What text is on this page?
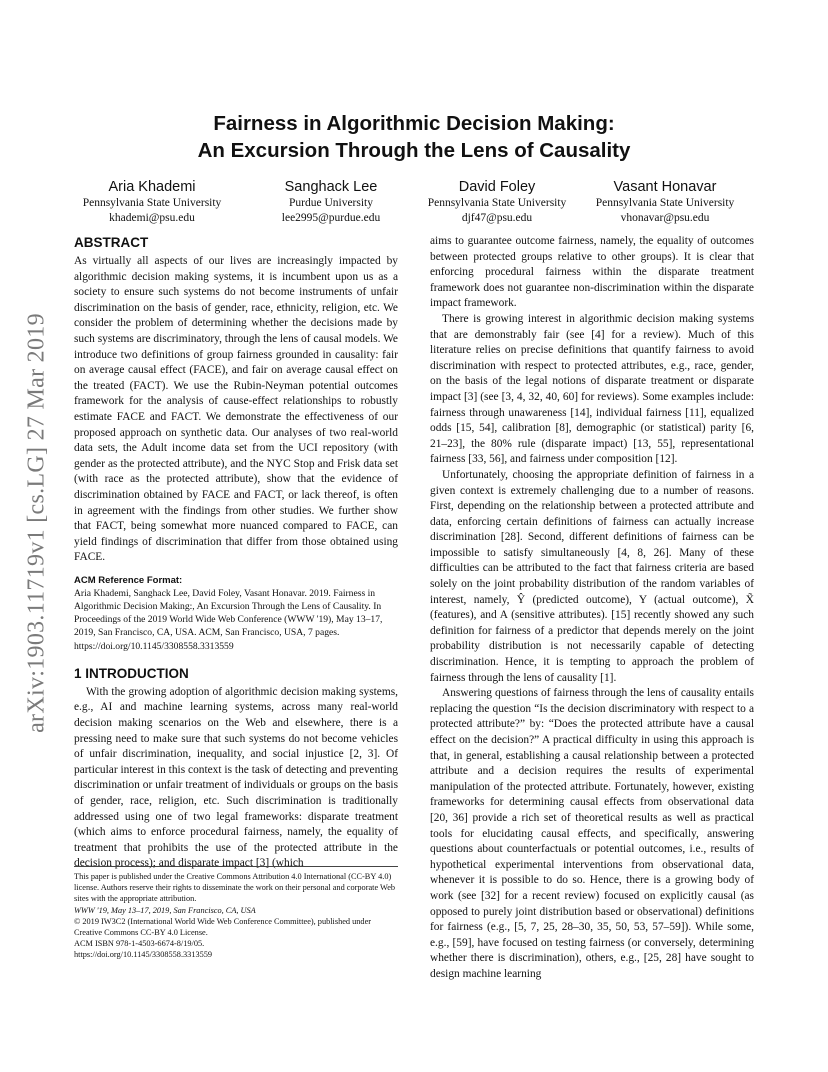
arXiv:1903.11719v1 [cs.LG] 27 Mar 2019
Fairness in Algorithmic Decision Making:
An Excursion Through the Lens of Causality
Aria Khademi
Pennsylvania State University
khademi@psu.edu
Sanghack Lee
Purdue University
lee2995@purdue.edu
David Foley
Pennsylvania State University
djf47@psu.edu
Vasant Honavar
Pennsylvania State University
vhonavar@psu.edu
ABSTRACT

As virtually all aspects of our lives are increasingly impacted by algorithmic decision making systems, it is incumbent upon us as a society to ensure such systems do not become instruments of unfair discrimination on the basis of gender, race, ethnicity, religion, etc. We consider the problem of determining whether the decisions made by such systems are discriminatory, through the lens of causal models. We introduce two definitions of group fairness grounded in causality: fair on average causal effect (FACE), and fair on average causal effect on the treated (FACT). We use the Rubin-Neyman potential outcomes framework for the analysis of cause-effect relationships to robustly estimate FACE and FACT. We demonstrate the effectiveness of our proposed approach on synthetic data. Our analyses of two real-world data sets, the Adult income data set from the UCI repository (with gender as the protected attribute), and the NYC Stop and Frisk data set (with race as the protected attribute), show that the evidence of discrimination obtained by FACE and FACT, or lack thereof, is often in agreement with the findings from other studies. We further show that FACT, being somewhat more nuanced compared to FACE, can yield findings of discrimination that differ from those obtained using FACE.

ACM Reference Format:

Aria Khademi, Sanghack Lee, David Foley, Vasant Honavar. 2019. Fairness in Algorithmic Decision Making:, An Excursion Through the Lens of Causality. In Proceedings of the 2019 World Wide Web Conference (WWW '19), May 13–17, 2019, San Francisco, CA, USA. ACM, San Francisco, USA, 7 pages. https://doi.org/10.1145/3308558.3313559

1 INTRODUCTION

With the growing adoption of algorithmic decision making systems, e.g., AI and machine learning systems, across many real-world decision making scenarios on the Web and elsewhere, there is a pressing need to make sure that such systems do not become vehicles of unfair discrimination, inequality, and social injustice [2, 3]. Of particular interest in this context is the task of detecting and preventing discrimination or unfair treatment of individuals or groups on the basis of gender, race, religion, etc. Such discrimination is traditionally addressed using one of two legal frameworks: disparate treatment (which aims to enforce procedural fairness, namely, the equality of treatment that prohibits the use of the protected attribute in the decision process); and disparate impact [3] (which

This paper is published under the Creative Commons Attribution 4.0 International (CC-BY 4.0) license. Authors reserve their rights to disseminate the work on their personal and corporate Web sites with the appropriate attribution.
WWW '19, May 13–17, 2019, San Francisco, CA, USA
© 2019 IW3C2 (International World Wide Web Conference Committee), published under Creative Commons CC-BY 4.0 License.
ACM ISBN 978-1-4503-6674-8/19/05.
https://doi.org/10.1145/3308558.3313559

aims to guarantee outcome fairness, namely, the equality of outcomes between protected groups relative to other groups). It is clear that enforcing procedural fairness within the disparate treatment framework does not guarantee non-discrimination within the disparate impact framework.

There is growing interest in algorithmic decision making systems that are demonstrably fair (see [4] for a review). Much of this literature relies on precise definitions that quantify fairness to avoid discrimination with respect to protected attributes, e.g., race, gender, on the basis of the legal notions of disparate treatment or disparate impact [3] (see [3, 4, 32, 40, 60] for reviews). Some examples include: fairness through unawareness [14], individual fairness [11], equalized odds [15, 54], calibration [8], demographic (or statistical) parity [6, 21–23], the 80% rule (disparate impact) [13, 55], representational fairness [33, 56], and fairness under composition [12].

Unfortunately, choosing the appropriate definition of fairness in a given context is extremely challenging due to a number of reasons. First, depending on the relationship between a protected attribute and data, enforcing certain definitions of fairness can actually increase discrimination [28]. Second, different definitions of fairness can be impossible to satisfy simultaneously [4, 8, 26]. Many of these difficulties can be attributed to the fact that fairness criteria are based solely on the joint probability distribution of the random variables of interest, namely, Ŷ (predicted outcome), Y (actual outcome), X̃ (features), and A (sensitive attributes). [15] recently showed any such definition for fairness of a predictor that depends merely on the joint probability distribution is not necessarily capable of detecting discrimination. Hence, it is tempting to approach the problem of fairness through the lens of causality [1].

Answering questions of fairness through the lens of causality entails replacing the question “Is the decision discriminatory with respect to a protected attribute?” by: “Does the protected attribute have a causal effect on the decision?” A practical difficulty in using this approach is that, in general, establishing a causal relationship between a protected attribute and a decision requires the results of experimental manipulation of the protected attribute. Fortunately, however, existing frameworks for determining causal effects from observational data [20, 36] provide a rich set of theoretical results as well as practical tools for elucidating causal effects, and specifically, answering questions about counterfactuals or potential outcomes, i.e., results of hypothetical experimental interventions from observational data, whenever it is possible to do so. Hence, there is a growing body of work (see [32] for a recent review) focused on explicitly causal (as opposed to purely joint distribution based or observational) definitions for fairness (e.g., [5, 7, 25, 28–30, 35, 50, 53, 57–59]). While some, e.g., [59], have focused on testing fairness (or conversely, determining whether there is discrimination), others, e.g., [25, 28] have sought to design machine learning
